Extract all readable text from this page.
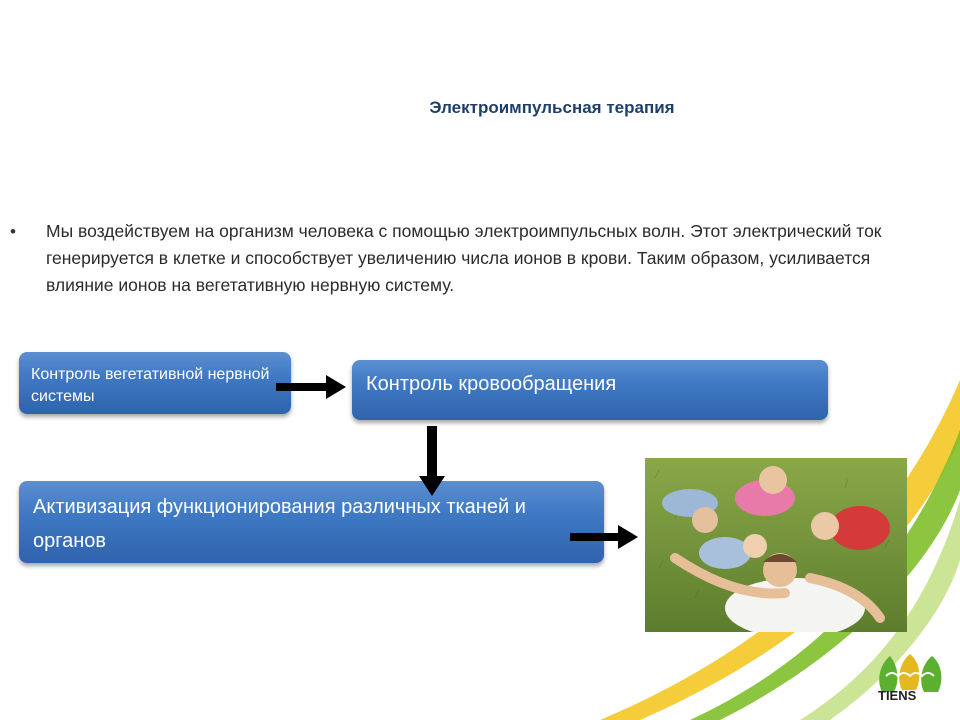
Электроимпульсная терапия
• Мы воздействуем на организм человека с помощью электроимпульсных волн. Этот электрический ток генерируется в клетке и способствует увеличению числа ионов в крови. Таким образом, усиливается влияние ионов на вегетативную нервную систему.
Контроль вегетативной нервной системы
Контроль кровообращения
Активизация функционирования различных тканей и органов
TIENS
